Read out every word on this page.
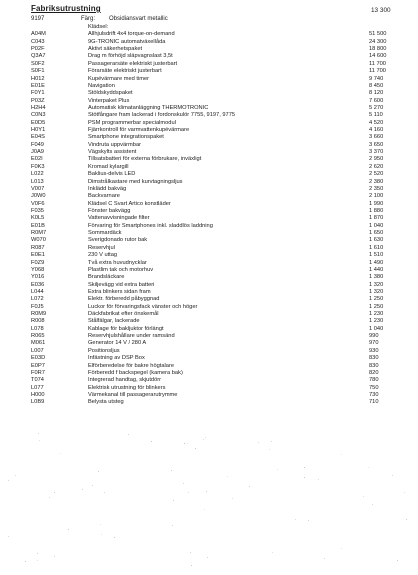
Fabriksutrustning	13 300
9197	Färg: Obsidiansvart metallic
Klädsel:
A04M	Allhjulsdrift 4x4 torque-on-demand	51 500
C043	9G-TRONIC automatväxellåda	24 300
P02F	Aktivt säkerhetspaket	18 800
Q3A7	Drag m förhöjd släpvagnslast 3,5t	14 600
S0F2	Passagerarsäte elektriskt justerbart	11 700
S0F1	Förarsäte elektriskt justerbart	11 700
H012	Kupévärmare med timer	9 740
E01E	Navigation	8 450
F0Y1	Stöldskyddspaket	8 120
P03Z	Vinterpaket Plus	7 600
H2H4	Automatisk klimatanläggning THERMOTRONIC	5 270
C0N3	Stötfångare fram lackerad i fordonskulör 7755, 9197, 9775	5 110
E0D5	PSM programmerbar specialmodul	4 520
H0Y1	Fjärrkontroll för varmvattenkupévärmare	4 160
E04S	Smartphone integrationspaket	3 660
F049	Vindruta uppvärmbar	3 650
J0A9	Vägskylts assistent	3 370
E02I	Tillsatsbatteri för externa förbrukare, inväxligt	2 950
F0K3	Kromad kylargill	2 620
L022	Baklius-delvis LED	2 520
L013	Dimstrålkastare med kurvtagningsljus	2 380
V007	Inklädd bakväg	2 350
J0W0	Backvarnare	2 100
V0F6	Klädsel C Svart Artico konstläder	1 990
F035	Fönster bakvägg	1 880
K0L5	Vattenavvisningade filter	1 870
E01B	Förvaring för Smartphones inkl. sladdlös laddning	1 040
R0M7	Sommardäck	1 650
W070	Sverigdonado rutor bak	1 630
R087	Reservhjul	1 610
E0E1	230 V uttag	1 510
F0Z9	Två extra huvudnycklar	1 490
Y068	Plastlim tak och motorhuv	1 440
Y016	Brandsläckare	1 380
E036	Skiljevägg vid extra batteri	1 320
L044	Extra blinkers sidan fram	1 320
L072	Elektr. förberedd påbyggnad	1 250
F0J5	Luckor för förvaringsfack vänster och höger	1 250
R0M9	Däckfabrikat efter önskemål	1 230
R008	Stålfälgar, lackerade	1 230
L078	Kablage för bakljuktor förlängt	1 040
R065	Reservhjulshållare under ramsänd	990
M061	Generator 14 V / 280 A	970
L007	Positionsljus	930
E03D	Infästning av DSP Box	830
E0P7	Elförberedelse för bakre högtalare	830
F0R7	Förberedd f backspegel (kamera bak)	820
T074	Integrerad handtag, skjutdörr	780
L077	Elektrisk utrustning för blinkers	750
H000	Värmekanal till passagerarutrymme	730
L0B9	Belysta utsteg	710
